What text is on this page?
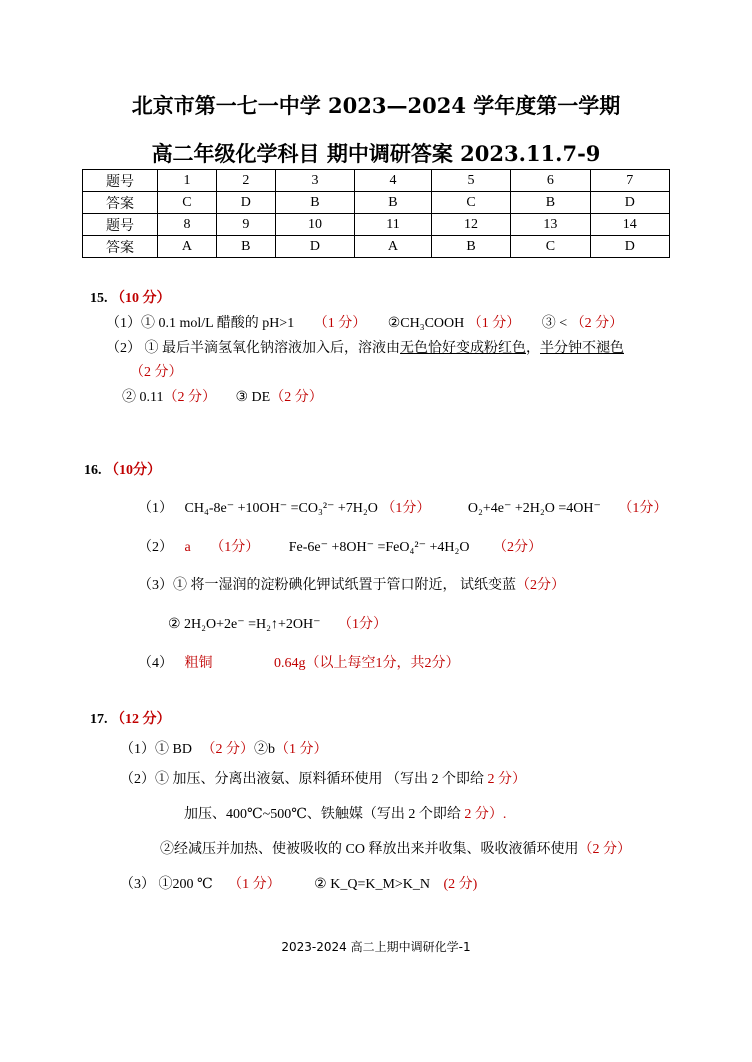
北京市第一七一中学 2023—2024 学年度第一学期
高二年级化学科目 期中调研答案 2023.11.7-9
题号	1	2	3	4	5	6	7
答案	C	D	B	B	C	B	D
题号	8	9	10	11	12	13	14
答案	A	B	D	A	B	C	D
15. （10 分）
（1）① 0.1 mol/L 醋酸的 pH>1 （1 分） ②CH₃COOH （1 分） ③ < （2 分）
（2） ① 最后半滴氢氧化钠溶液加入后，溶液由无色恰好变成粉红色，半分钟不褪色
（2 分）
② 0.11（2 分） ③ DE（2 分）
16. （10分）
（1） CH₄-8e⁻ +10OH⁻ =CO₃²⁻ +7H₂O （1分）	O₂+4e⁻ +2H₂O =4OH⁻ （1分）
（2） a （1分） Fe-6e⁻ +8OH⁻ =FeO₄²⁻ +4H₂O （2分）
（3）① 将一湿润的淀粉碘化钾试纸置于管口附近， 试纸变蓝（2分）
② 2H₂O+2e⁻ =H₂↑+2OH⁻ （1分）
（4） 粗铜	0.64g（以上每空1分，共2分）
17. （12 分）
（1）① BD （2 分）②b（1 分）
（2）① 加压、分离出液氨、原料循环使用 （写出 2 个即给 2 分）
加压、400℃~500℃、铁触媒（写出 2 个即给 2 分）.
②经减压并加热、使被吸收的 CO 释放出来并收集、吸收液循环使用（2 分）
（3） ①200 ℃ （1 分） ② K_Q=K_M>K_N (2 分)
2023-2024 高二上期中调研化学-1
